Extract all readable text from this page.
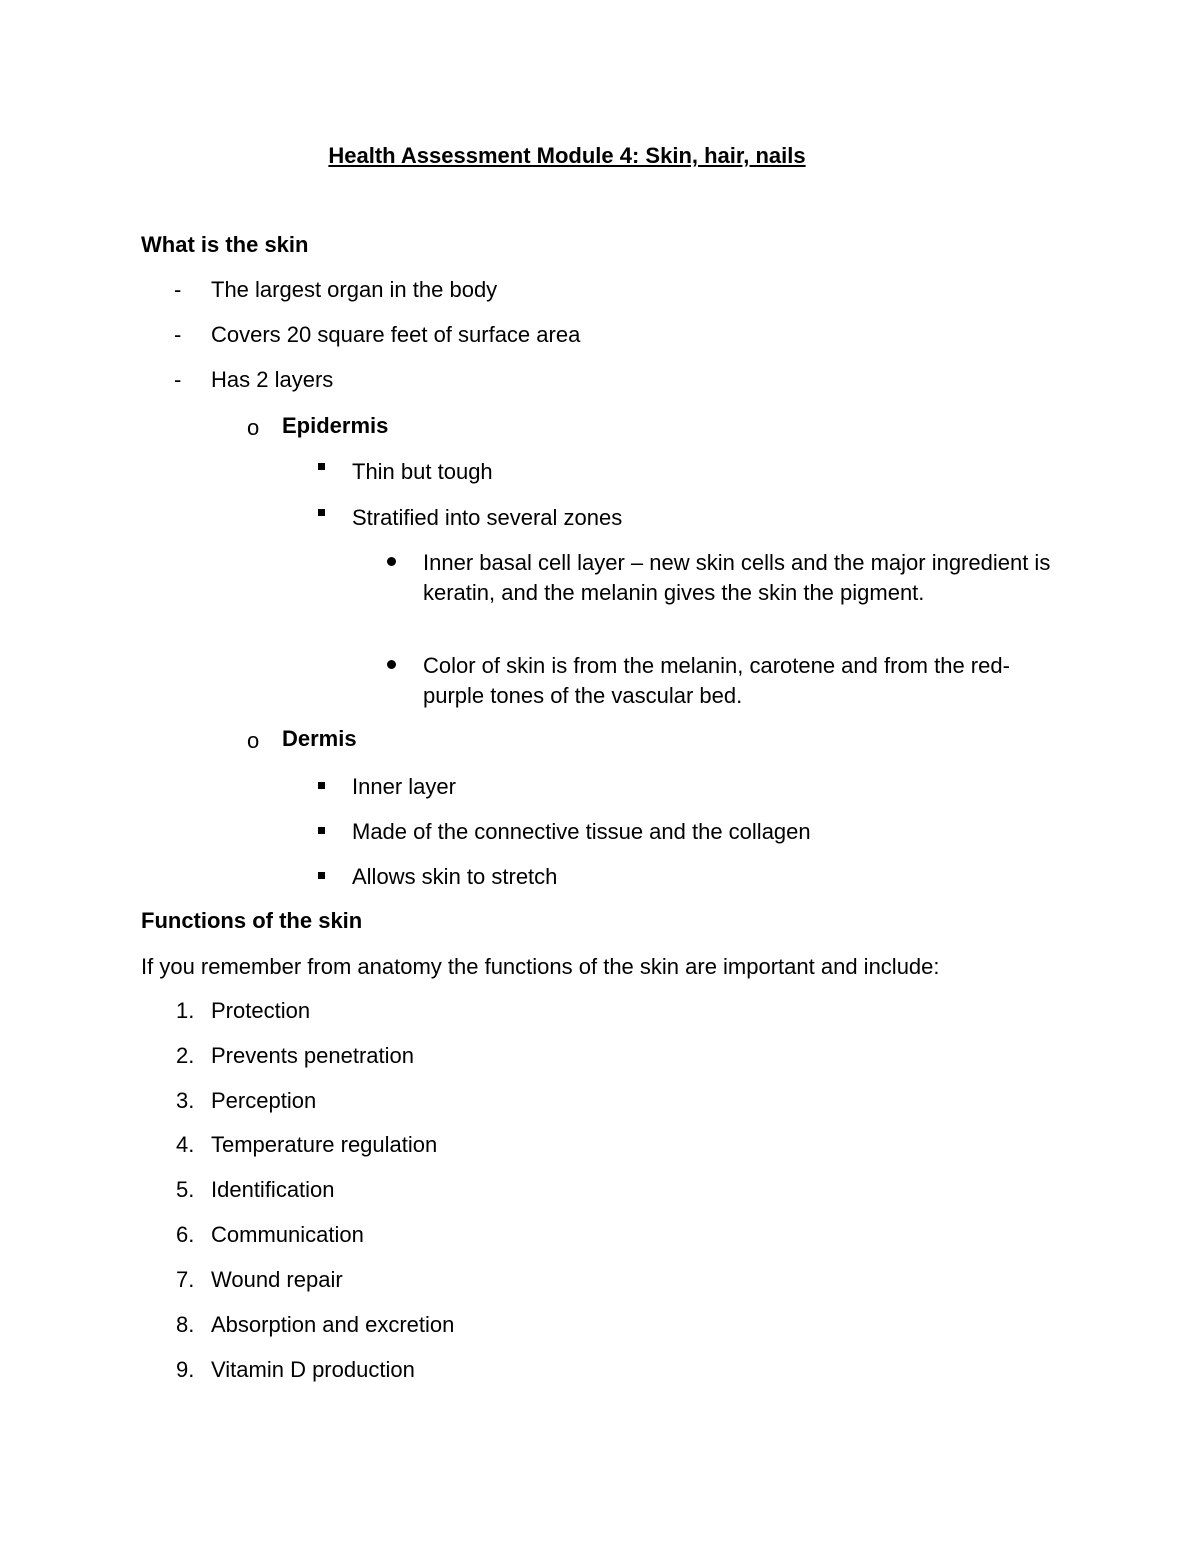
Health Assessment Module 4: Skin, hair, nails
What is the skin
- The largest organ in the body
- Covers 20 square feet of surface area
- Has 2 layers
o Epidermis
Thin but tough
Stratified into several zones
Inner basal cell layer – new skin cells and the major ingredient is keratin, and the melanin gives the skin the pigment.
Color of skin is from the melanin, carotene and from the red-purple tones of the vascular bed.
o Dermis
Inner layer
Made of the connective tissue and the collagen
Allows skin to stretch
Functions of the skin
If you remember from anatomy the functions of the skin are important and include:
1. Protection
2. Prevents penetration
3. Perception
4. Temperature regulation
5. Identification
6. Communication
7. Wound repair
8. Absorption and excretion
9. Vitamin D production
